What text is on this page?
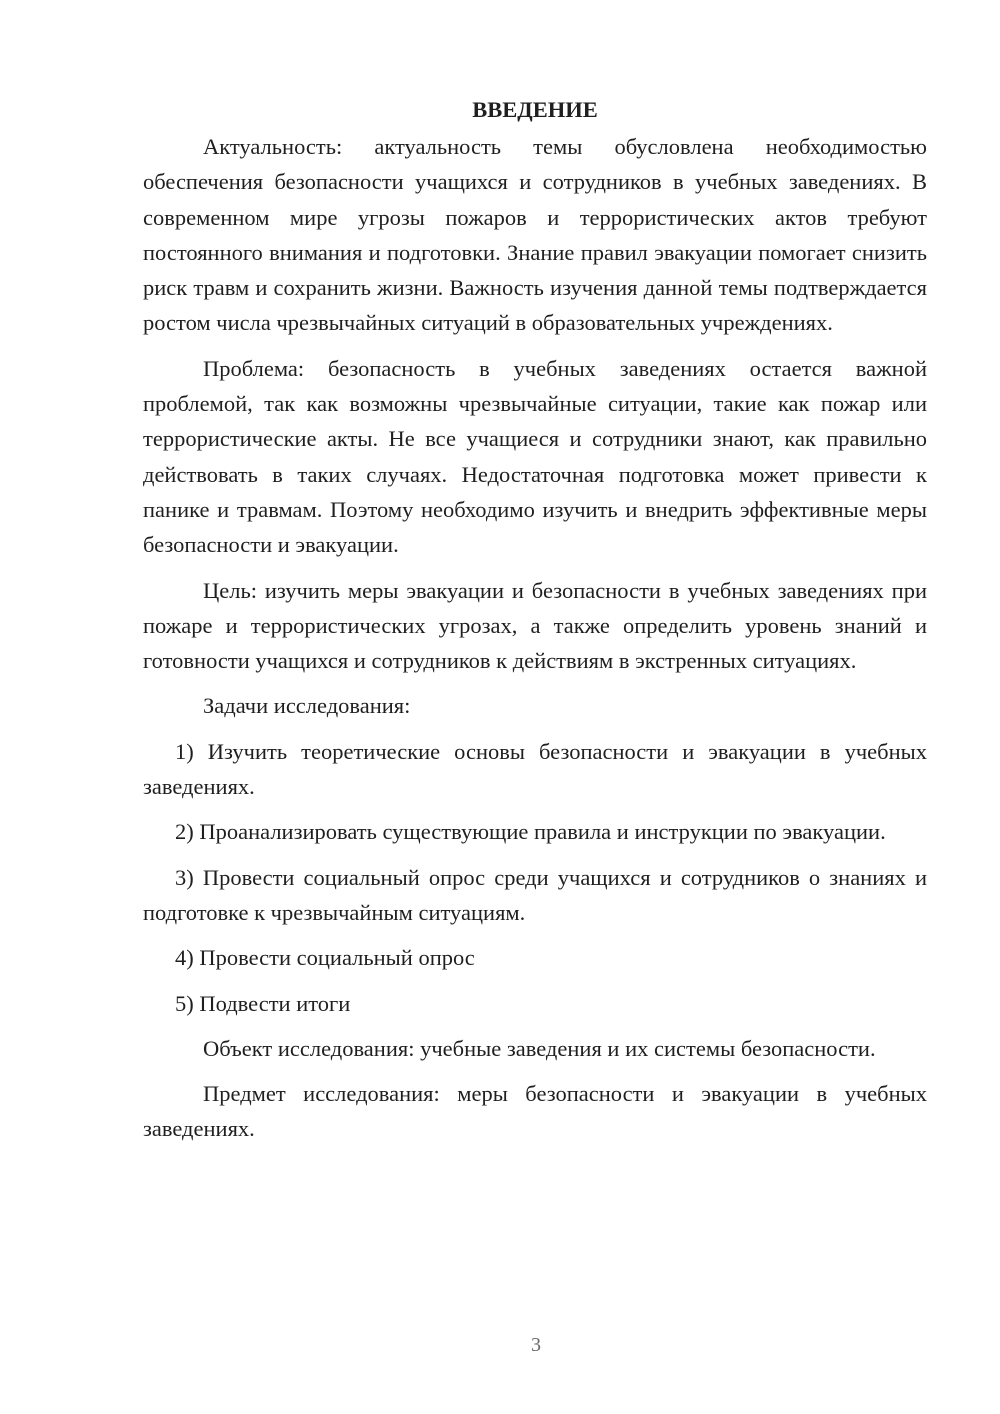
ВВЕДЕНИЕ

Актуальность: актуальность темы обусловлена необходимостью обеспечения безопасности учащихся и сотрудников в учебных заведениях. В современном мире угрозы пожаров и террористических актов требуют постоянного внимания и подготовки. Знание правил эвакуации помогает снизить риск травм и сохранить жизни. Важность изучения данной темы подтверждается ростом числа чрезвычайных ситуаций в образовательных учреждениях.

Проблема: безопасность в учебных заведениях остается важной проблемой, так как возможны чрезвычайные ситуации, такие как пожар или террористические акты. Не все учащиеся и сотрудники знают, как правильно действовать в таких случаях. Недостаточная подготовка может привести к панике и травмам. Поэтому необходимо изучить и внедрить эффективные меры безопасности и эвакуации.

Цель: изучить меры эвакуации и безопасности в учебных заведениях при пожаре и террористических угрозах, а также определить уровень знаний и готовности учащихся и сотрудников к действиям в экстренных ситуациях.

Задачи исследования:

1) Изучить теоретические основы безопасности и эвакуации в учебных заведениях.

2) Проанализировать существующие правила и инструкции по эвакуации.

3) Провести социальный опрос среди учащихся и сотрудников о знаниях и подготовке к чрезвычайным ситуациям.

4) Провести социальный опрос

5) Подвести итоги

Объект исследования: учебные заведения и их системы безопасности.

Предмет исследования: меры безопасности и эвакуации в учебных заведениях.

3
